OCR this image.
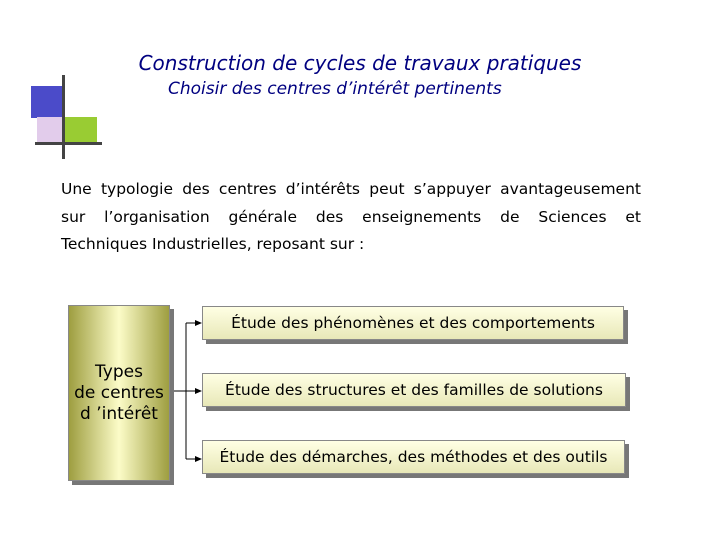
Construction de cycles de travaux pratiques
Choisir des centres d’intérêt pertinents
Une typologie des centres d’intérêts peut s’appuyer avantageusement
sur l’organisation générale des enseignements de Sciences et
Techniques Industrielles, reposant sur :
Types
de centres
d ’intérêt
Étude des phénomènes et des comportements
Étude des structures et des familles de solutions
Étude des démarches, des méthodes et des outils
